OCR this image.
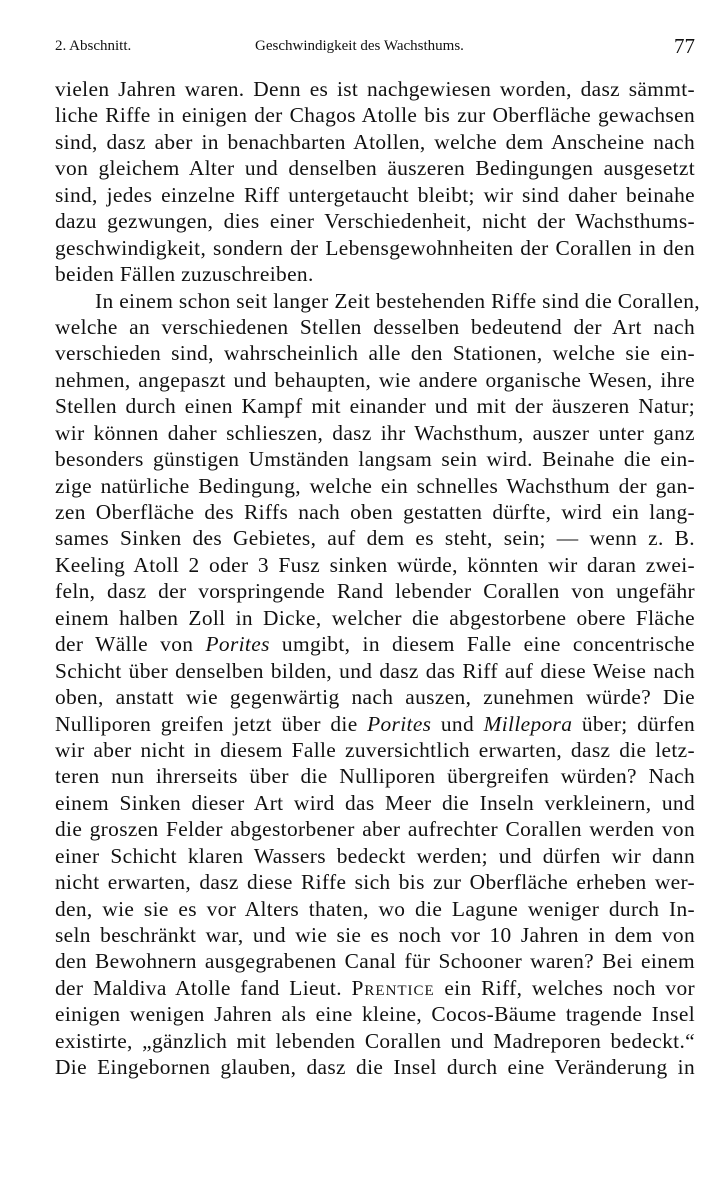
2. Abschnitt.	Geschwindigkeit des Wachsthums.	77
vielen Jahren waren. Denn es ist nachgewiesen worden, dasz sämmt-
liche Riffe in einigen der Chagos Atolle bis zur Oberfläche gewachsen
sind, dasz aber in benachbarten Atollen, welche dem Anscheine nach
von gleichem Alter und denselben äuszeren Bedingungen ausgesetzt
sind, jedes einzelne Riff untergetaucht bleibt; wir sind daher beinahe
dazu gezwungen, dies einer Verschiedenheit, nicht der Wachsthums-
geschwindigkeit, sondern der Lebensgewohnheiten der Corallen in den
beiden Fällen zuzuschreiben.
In einem schon seit langer Zeit bestehenden Riffe sind die Corallen,
welche an verschiedenen Stellen desselben bedeutend der Art nach
verschieden sind, wahrscheinlich alle den Stationen, welche sie ein-
nehmen, angepaszt und behaupten, wie andere organische Wesen, ihre
Stellen durch einen Kampf mit einander und mit der äuszeren Natur;
wir können daher schlieszen, dasz ihr Wachsthum, auszer unter ganz
besonders günstigen Umständen langsam sein wird. Beinahe die ein-
zige natürliche Bedingung, welche ein schnelles Wachsthum der gan-
zen Oberfläche des Riffs nach oben gestatten dürfte, wird ein lang-
sames Sinken des Gebietes, auf dem es steht, sein; — wenn z. B.
Keeling Atoll 2 oder 3 Fusz sinken würde, könnten wir daran zwei-
feln, dasz der vorspringende Rand lebender Corallen von ungefähr
einem halben Zoll in Dicke, welcher die abgestorbene obere Fläche
der Wälle von Porites umgibt, in diesem Falle eine concentrische
Schicht über denselben bilden, und dasz das Riff auf diese Weise nach
oben, anstatt wie gegenwärtig nach auszen, zunehmen würde? Die
Nulliporen greifen jetzt über die Porites und Millepora über; dürfen
wir aber nicht in diesem Falle zuversichtlich erwarten, dasz die letz-
teren nun ihrerseits über die Nulliporen übergreifen würden? Nach
einem Sinken dieser Art wird das Meer die Inseln verkleinern, und
die groszen Felder abgestorbener aber aufrechter Corallen werden von
einer Schicht klaren Wassers bedeckt werden; und dürfen wir dann
nicht erwarten, dasz diese Riffe sich bis zur Oberfläche erheben wer-
den, wie sie es vor Alters thaten, wo die Lagune weniger durch In-
seln beschränkt war, und wie sie es noch vor 10 Jahren in dem von
den Bewohnern ausgegrabenen Canal für Schooner waren? Bei einem
der Maldiva Atolle fand Lieut. Prentice ein Riff, welches noch vor
einigen wenigen Jahren als eine kleine, Cocos-Bäume tragende Insel
existirte, „gänzlich mit lebenden Corallen und Madreporen bedeckt.“
Die Eingebornen glauben, dasz die Insel durch eine Veränderung in
